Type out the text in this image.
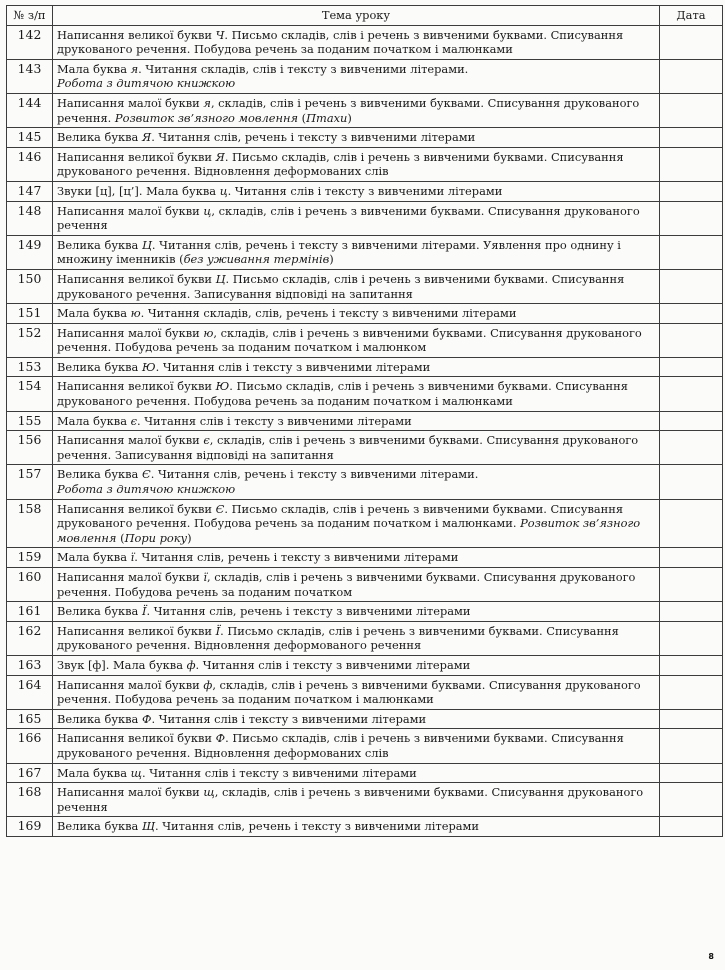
№ з/п	Тема уроку	Дата
142	Написання великої букви Ч. Письмо складів, слів і речень з вивченими буквами. Списування друкованого речення. Побудова речень за поданим початком і малюнками	
143	Мала буква я. Читання складів, слів і тексту з вивченими літерами.
Робота з дитячою книжкою	
144	Написання малої букви я, складів, слів і речень з вивченими буквами. Списування друкованого речення. Розвиток зв’язного мовлення (Птахи)	
145	Велика буква Я. Читання слів, речень і тексту з вивченими літерами	
146	Написання великої букви Я. Письмо складів, слів і речень з вивченими буквами. Списування друкованого речення. Відновлення деформованих слів	
147	Звуки [ц], [ц’]. Мала буква ц. Читання слів і тексту з вивченими літерами	
148	Написання малої букви ц, складів, слів і речень з вивченими буквами. Списування друкованого речення	
149	Велика буква Ц. Читання слів, речень і тексту з вивченими літерами. Уявлення про однину і множину іменників (без уживання термінів)	
150	Написання великої букви Ц. Письмо складів, слів і речень з вивченими буквами. Списування друкованого речення. Записування відповіді на запитання	
151	Мала буква ю. Читання складів, слів, речень і тексту з вивченими літерами	
152	Написання малої букви ю, складів, слів і речень з вивченими буквами. Списування друкованого речення. Побудова речень за поданим початком і малюнком	
153	Велика буква Ю. Читання слів і тексту з вивченими літерами	
154	Написання великої букви Ю. Письмо складів, слів і речень з вивченими буквами. Списування друкованого речення. Побудова речень за поданим початком і малюнками	
155	Мала буква є. Читання слів і тексту з вивченими літерами	
156	Написання малої букви є, складів, слів і речень з вивченими буквами. Списування друкованого речення. Записування відповіді на запитання	
157	Велика буква Є. Читання слів, речень і тексту з вивченими літерами.
Робота з дитячою книжкою	
158	Написання великої букви Є. Письмо складів, слів і речень з вивченими буквами. Списування друкованого речення. Побудова речень за поданим початком і малюнками. Розвиток зв’язного мовлення (Пори року)	
159	Мала буква ї. Читання слів, речень і тексту з вивченими літерами	
160	Написання малої букви ї, складів, слів і речень з вивченими буквами. Списування друкованого речення. Побудова речень за поданим початком	
161	Велика буква Ї. Читання слів, речень і тексту з вивченими літерами	
162	Написання великої букви Ї. Письмо складів, слів і речень з вивченими буквами. Списування друкованого речення. Відновлення деформованого речення	
163	Звук [ф]. Мала буква ф. Читання слів і тексту з вивченими літерами	
164	Написання малої букви ф, складів, слів і речень з вивченими буквами. Списування друкованого речення. Побудова речень за поданим початком і малюнками	
165	Велика буква Ф. Читання слів і тексту з вивченими літерами	
166	Написання великої букви Ф. Письмо складів, слів і речень з вивченими буквами. Списування друкованого речення. Відновлення деформованих слів	
167	Мала буква щ. Читання слів і тексту з вивченими літерами	
168	Написання малої букви щ, складів, слів і речень з вивченими буквами. Списування друкованого речення	
169	Велика буква Щ. Читання слів, речень і тексту з вивченими літерами	
8
